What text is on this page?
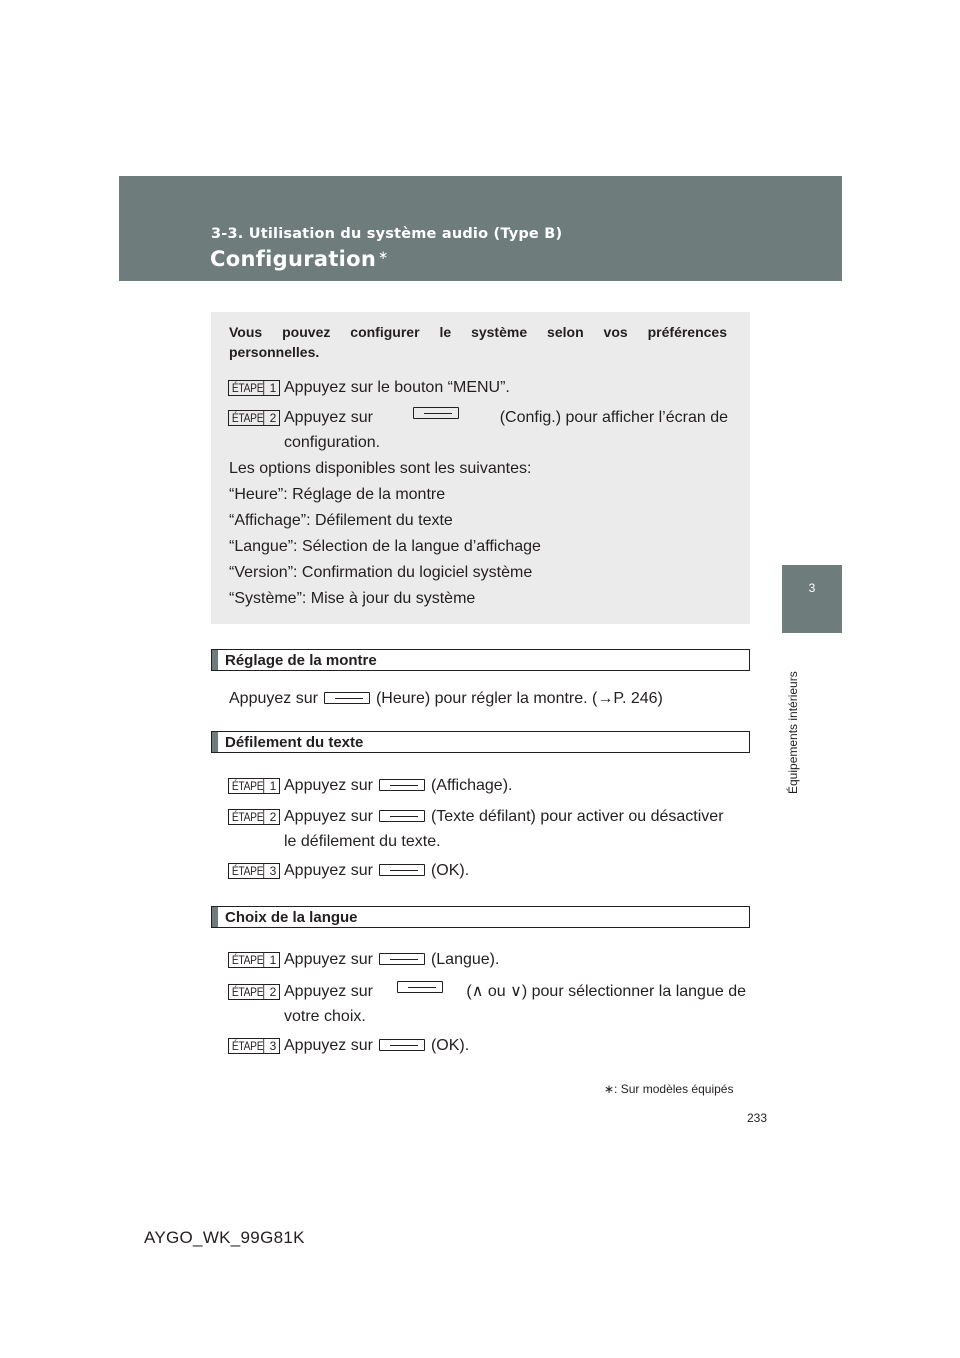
3-3. Utilisation du système audio (Type B)
Configuration ∗
3
Équipements intérieurs
Vous pouvez configurer le système selon vos préférences
personnelles.
ÉTAPE 1 Appuyez sur le bouton “MENU”.
ÉTAPE 2 Appuyez sur	(Config.) pour afficher l’écran de
configuration.
Les options disponibles sont les suivantes:
“Heure”: Réglage de la montre
“Affichage”: Défilement du texte
“Langue”: Sélection de la langue d’affichage
“Version”: Confirmation du logiciel système
“Système”: Mise à jour du système
Réglage de la montre
Appuyez sur	(Heure) pour régler la montre. (→P. 246)
Défilement du texte
ÉTAPE 1 Appuyez sur	(Affichage).
ÉTAPE 2 Appuyez sur	(Texte défilant) pour activer ou désactiver
le défilement du texte.
ÉTAPE 3 Appuyez sur	(OK).
Choix de la langue
ÉTAPE 1 Appuyez sur	(Langue).
ÉTAPE 2 Appuyez sur	(∧ ou ∨) pour sélectionner la langue de
votre choix.
ÉTAPE 3 Appuyez sur	(OK).
∗: Sur modèles équipés
233
AYGO_WK_99G81K
